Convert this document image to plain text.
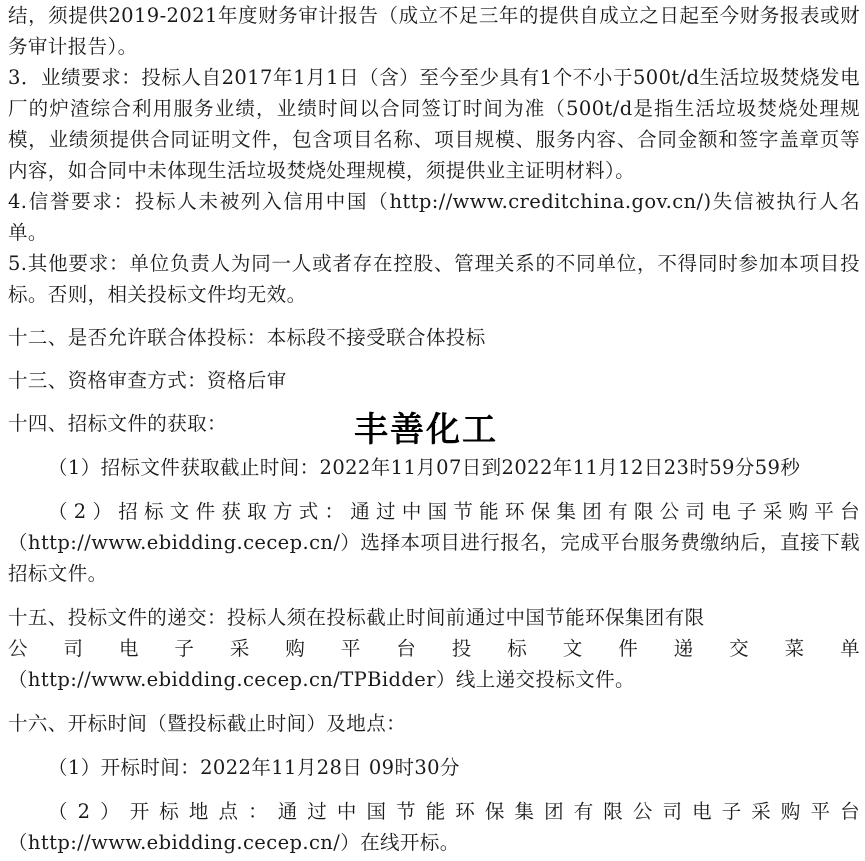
结，须提供2019-2021年度财务审计报告（成立不足三年的提供自成立之日起至今财务报表或财务审计报告）。

3．业绩要求：投标人自2017年1月1日（含）至今至少具有1个不小于500t/d生活垃圾焚烧发电厂的炉渣综合利用服务业绩，业绩时间以合同签订时间为准（500t/d是指生活垃圾焚烧处理规模，业绩须提供合同证明文件，包含项目名称、项目规模、服务内容、合同金额和签字盖章页等内容，如合同中未体现生活垃圾焚烧处理规模，须提供业主证明材料）。

4.信誉要求：投标人未被列入信用中国（http://www.creditchina.gov.cn/)失信被执行人名单。

5.其他要求：单位负责人为同一人或者存在控股、管理关系的不同单位，不得同时参加本项目投标。否则，相关投标文件均无效。

十二、是否允许联合体投标：本标段不接受联合体投标

十三、资格审查方式：资格后审

十四、招标文件的获取：

（1）招标文件获取截止时间：2022年11月07日到2022年11月12日23时59分59秒

（2）招标文件获取方式：通过中国节能环保集团有限公司电子采购平台（http://www.ebidding.cecep.cn/）选择本项目进行报名，完成平台服务费缴纳后，直接下载招标文件。

十五、投标文件的递交：投标人须在投标截止时间前通过中国节能环保集团有限

公司电子采购平台投标文件递交菜单

（http://www.ebidding.cecep.cn/TPBidder）线上递交投标文件。

十六、开标时间（暨投标截止时间）及地点：

（1）开标时间：2022年11月28日 09时30分

（2）开标地点：通过中国节能环保集团有限公司电子采购平台

（http://www.ebidding.cecep.cn/）在线开标。

丰善化工
